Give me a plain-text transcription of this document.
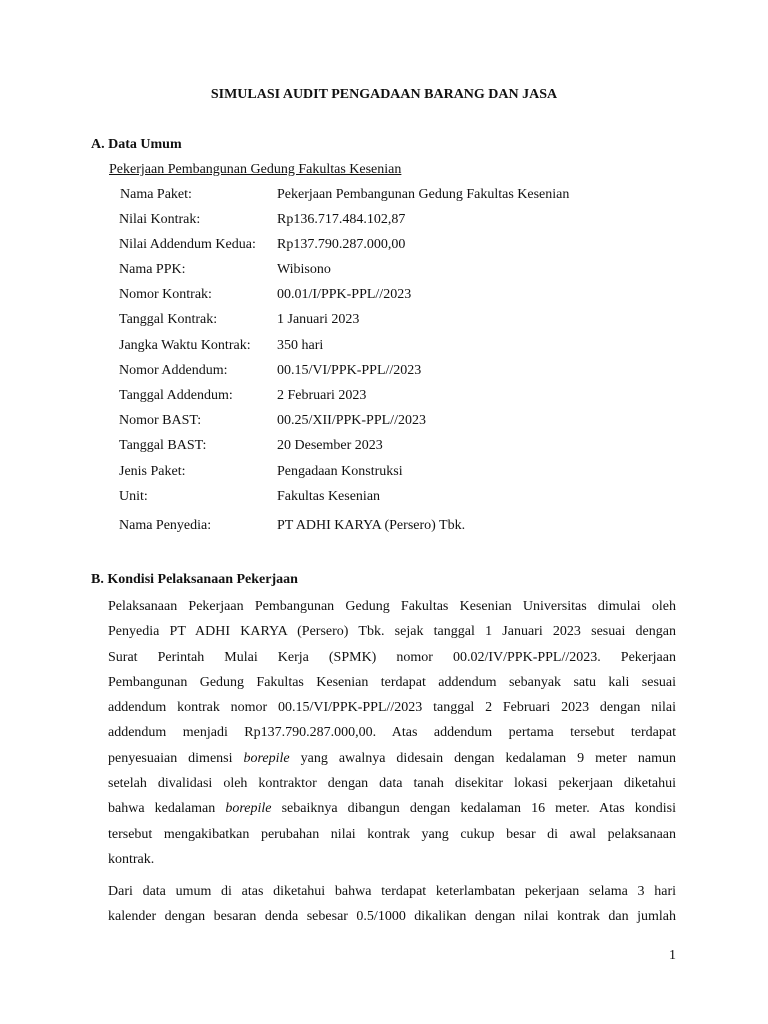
SIMULASI AUDIT PENGADAAN BARANG DAN JASA
A. Data Umum
Pekerjaan Pembangunan Gedung Fakultas Kesenian
Nama Paket:	Pekerjaan Pembangunan Gedung Fakultas Kesenian
Nilai Kontrak:	Rp136.717.484.102,87
Nilai Addendum Kedua: Rp137.790.287.000,00
Nama PPK:	Wibisono
Nomor Kontrak:	00.01/I/PPK-PPL//2023
Tanggal Kontrak:	1 Januari 2023
Jangka Waktu Kontrak: 350 hari
Nomor Addendum:	00.15/VI/PPK-PPL//2023
Tanggal Addendum:	2 Februari 2023
Nomor BAST:	00.25/XII/PPK-PPL//2023
Tanggal BAST:	20 Desember 2023
Jenis Paket:	Pengadaan Konstruksi
Unit:	Fakultas Kesenian
Nama Penyedia:	PT ADHI KARYA (Persero) Tbk.
B. Kondisi Pelaksanaan Pekerjaan
Pelaksanaan Pekerjaan Pembangunan Gedung Fakultas Kesenian Universitas dimulai oleh
Penyedia PT ADHI KARYA (Persero) Tbk. sejak tanggal 1 Januari 2023 sesuai dengan
Surat Perintah Mulai Kerja (SPMK) nomor 00.02/IV/PPK-PPL//2023. Pekerjaan
Pembangunan Gedung Fakultas Kesenian terdapat addendum sebanyak satu kali sesuai
addendum kontrak nomor 00.15/VI/PPK-PPL//2023 tanggal 2 Februari 2023 dengan nilai
addendum menjadi Rp137.790.287.000,00. Atas addendum pertama tersebut terdapat
penyesuaian dimensi borepile yang awalnya didesain dengan kedalaman 9 meter namun
setelah divalidasi oleh kontraktor dengan data tanah disekitar lokasi pekerjaan diketahui
bahwa kedalaman borepile sebaiknya dibangun dengan kedalaman 16 meter. Atas kondisi
tersebut mengakibatkan perubahan nilai kontrak yang cukup besar di awal pelaksanaan
kontrak.
Dari data umum di atas diketahui bahwa terdapat keterlambatan pekerjaan selama 3 hari
kalender dengan besaran denda sebesar 0.5/1000 dikalikan dengan nilai kontrak dan jumlah
1
